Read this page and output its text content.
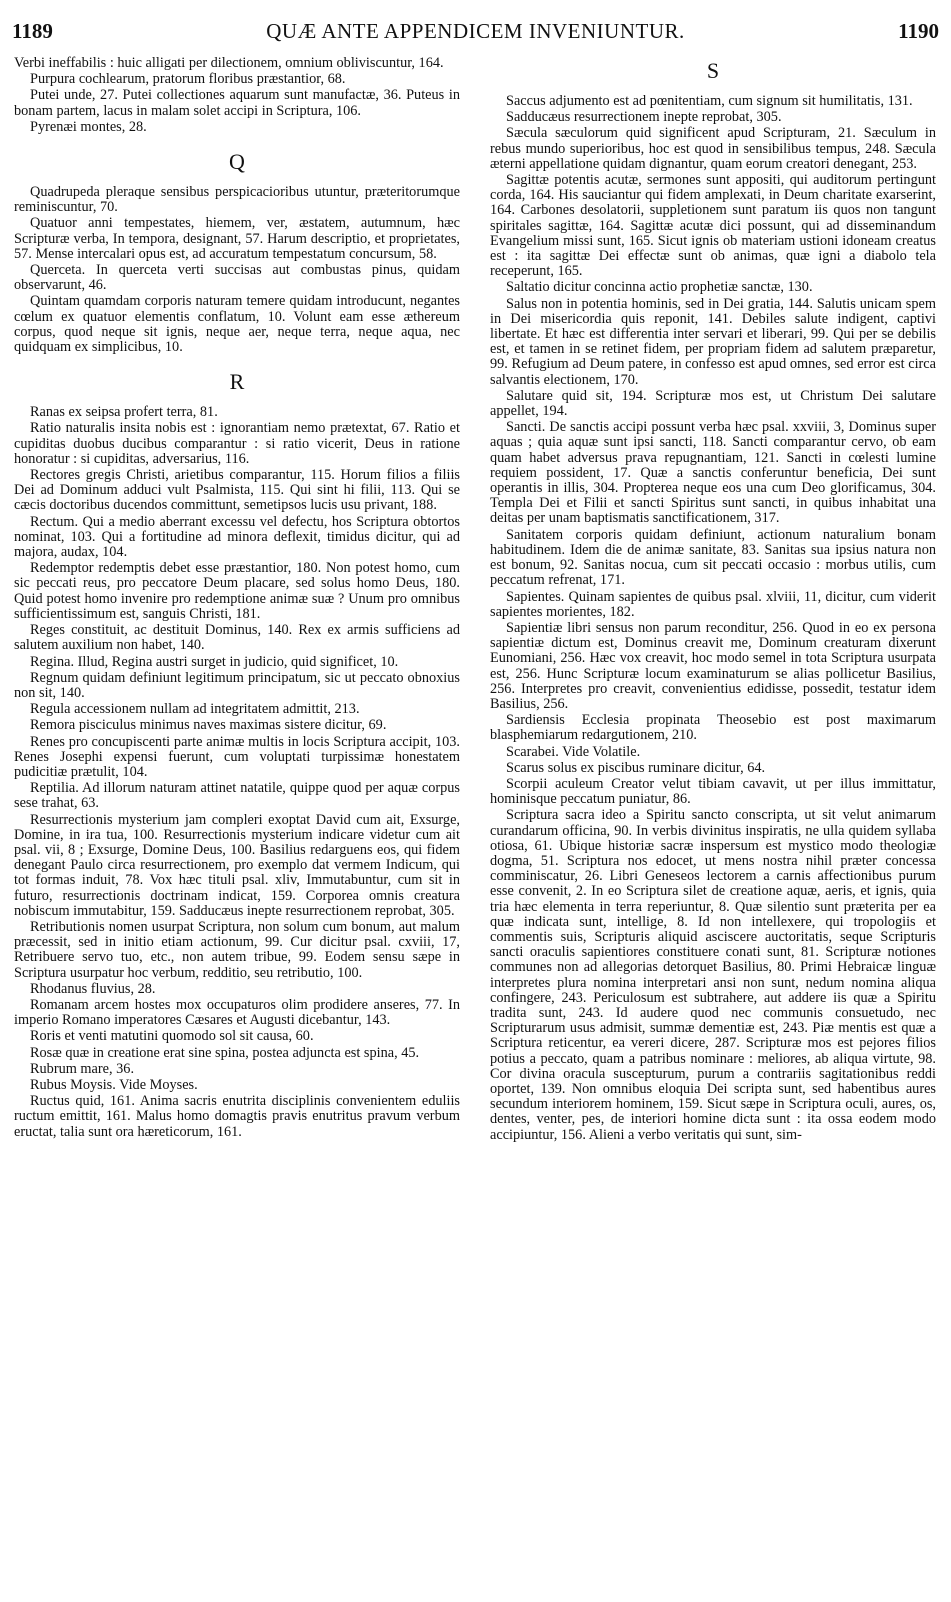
1189	QUÆ ANTE APPENDICEM INVENIUNTUR.	1190
Verbi ineffabilis : huic alligati per dilectionem, omnium obliviscuntur, 164.
Purpura cochlearum, pratorum floribus præstantior, 68.
Putei unde, 27. Putei collectiones aquarum sunt manufactæ, 36. Puteus in bonam partem, lacus in malam solet accipi in Scriptura, 106.
Pyrenæi montes, 28.
Q
Quadrupeda pleraque sensibus perspicacioribus utuntur, præteritorumque reminiscuntur, 70.
Quatuor anni tempestates, hiemem, ver, æstatem, autumnum, hæc Scripturæ verba, In tempora, designant, 57. Harum descriptio, et proprietates, 57. Mense intercalari opus est, ad accuratum tempestatum concursum, 58.
Querceta. In querceta verti succisas aut combustas pinus, quidam observarunt, 46.
Quintam quamdam corporis naturam temere quidam introducunt, negantes cœlum ex quatuor elementis conflatum, 10. Volunt eam esse æthereum corpus, quod neque sit ignis, neque aer, neque terra, neque aqua, nec quidquam ex simplicibus, 10.
R
Ranas ex seipsa profert terra, 81.
Ratio naturalis insita nobis est : ignorantiam nemo prætextat, 67. Ratio et cupiditas duobus ducibus comparantur : si ratio vicerit, Deus in ratione honoratur : si cupiditas, adversarius, 116.
Rectores gregis Christi, arietibus comparantur, 115. Horum filios a filiis Dei ad Dominum adduci vult Psalmista, 115. Qui sint hi filii, 113. Qui se cæcis doctoribus ducendos committunt, semetipsos lucis usu privant, 188.
Rectum. Qui a medio aberrant excessu vel defectu, hos Scriptura obtortos nominat, 103. Qui a fortitudine ad minora deflexit, timidus dicitur, qui ad majora, audax, 104.
Redemptor redemptis debet esse præstantior, 180. Non potest homo, cum sic peccati reus, pro peccatore Deum placare, sed solus homo Deus, 180. Quid potest homo invenire pro redemptione animæ suæ ? Unum pro omnibus sufficientissimum est, sanguis Christi, 181.
Reges constituit, ac destituit Dominus, 140. Rex ex armis sufficiens ad salutem auxilium non habet, 140.
Regina. Illud, Regina austri surget in judicio, quid significet, 10.
Regnum quidam definiunt legitimum principatum, sic ut peccato obnoxius non sit, 140.
Regula accessionem nullam ad integritatem admittit, 213.
Remora pisciculus minimus naves maximas sistere dicitur, 69.
Renes pro concupiscenti parte animæ multis in locis Scriptura accipit, 103. Renes Josephi expensi fuerunt, cum voluptati turpissimæ honestatem pudicitiæ prætulit, 104.
Reptilia. Ad illorum naturam attinet natatile, quippe quod per aquæ corpus sese trahat, 63.
Resurrectionis mysterium jam compleri exoptat David cum ait, Exsurge, Domine, in ira tua, 100. Resurrectionis mysterium indicare videtur cum ait psal. vii, 8 ; Exsurge, Domine Deus, 100. Basilius redarguens eos, qui fidem denegant Paulo circa resurrectionem, pro exemplo dat vermem Indicum, qui tot formas induit, 78. Vox hæc tituli psal. xliv, Immutabuntur, cum sit in futuro, resurrectionis doctrinam indicat, 159. Corporea omnis creatura nobiscum immutabitur, 159. Sadducæus inepte resurrectionem reprobat, 305.
Retributionis nomen usurpat Scriptura, non solum cum bonum, aut malum præcessit, sed in initio etiam actionum, 99. Cur dicitur psal. cxviii, 17, Retribuere servo tuo, etc., non autem tribue, 99. Eodem sensu sæpe in Scriptura usurpatur hoc verbum, redditio, seu retributio, 100.
Rhodanus fluvius, 28.
Romanam arcem hostes mox occupaturos olim prodidere anseres, 77. In imperio Romano imperatores Cæsares et Augusti dicebantur, 143.
Roris et venti matutini quomodo sol sit causa, 60.
Rosæ quæ in creatione erat sine spina, postea adjuncta est spina, 45.
Rubrum mare, 36.
Rubus Moysis. Vide Moyses.
Ructus quid, 161. Anima sacris enutrita disciplinis convenientem eduliis ructum emittit, 161. Malus homo domagtis pravis enutritus pravum verbum eructat, talia sunt ora hæreticorum, 161.
S
Saccus adjumento est ad pœnitentiam, cum signum sit humilitatis, 131.
Sadducæus resurrectionem inepte reprobat, 305.
Sæcula sæculorum quid significent apud Scripturam, 21. Sæculum in rebus mundo superioribus, hoc est quod in sensibilibus tempus, 248. Sæcula æterni appellatione quidam dignantur, quam eorum creatori denegant, 253.
Sagittæ potentis acutæ, sermones sunt appositi, qui auditorum pertingunt corda, 164. His sauciantur qui fidem amplexati, in Deum charitate exarserint, 164. Carbones desolatorii, suppletionem sunt paratum iis quos non tangunt spiritales sagittæ, 164. Sagittæ acutæ dici possunt, qui ad disseminandum Evangelium missi sunt, 165. Sicut ignis ob materiam ustioni idoneam creatus est : ita sagittæ Dei effectæ sunt ob animas, quæ igni a diabolo tela receperunt, 165.
Saltatio dicitur concinna actio prophetiæ sanctæ, 130.
Salus non in potentia hominis, sed in Dei gratia, 144. Salutis unicam spem in Dei misericordia quis reponit, 141. Debiles salute indigent, captivi libertate. Et hæc est differentia inter servari et liberari, 99. Qui per se debilis est, et tamen in se retinet fidem, per propriam fidem ad salutem præparetur, 99. Refugium ad Deum patere, in confesso est apud omnes, sed error est circa salvantis electionem, 170.
Salutare quid sit, 194. Scripturæ mos est, ut Christum Dei salutare appellet, 194.
Sancti. De sanctis accipi possunt verba hæc psal. xxviii, 3, Dominus super aquas ; quia aquæ sunt ipsi sancti, 118. Sancti comparantur cervo, ob eam quam habet adversus prava repugnantiam, 121. Sancti in cœlesti lumine requiem possident, 17. Quæ a sanctis conferuntur beneficia, Dei sunt operantis in illis, 304. Propterea neque eos una cum Deo glorificamus, 304. Templa Dei et Filii et sancti Spiritus sunt sancti, in quibus inhabitat una deitas per unam baptismatis sanctificationem, 317.
Sanitatem corporis quidam definiunt, actionum naturalium bonam habitudinem. Idem die de animæ sanitate, 83. Sanitas sua ipsius natura non est bonum, 92. Sanitas nocua, cum sit peccati occasio : morbus utilis, cum peccatum refrenat, 171.
Sapientes. Quinam sapientes de quibus psal. xlviii, 11, dicitur, cum viderit sapientes morientes, 182.
Sapientiæ libri sensus non parum reconditur, 256. Quod in eo ex persona sapientiæ dictum est, Dominus creavit me, Dominum creaturam dixerunt Eunomiani, 256. Hæc vox creavit, hoc modo semel in tota Scriptura usurpata est, 256. Hunc Scripturæ locum examinaturum se alias pollicetur Basilius, 256. Interpretes pro creavit, convenientius edidisse, possedit, testatur idem Basilius, 256.
Sardiensis Ecclesia propinata Theosebio est post maximarum blasphemiarum redargutionem, 210.
Scarabei. Vide Volatile.
Scarus solus ex piscibus ruminare dicitur, 64.
Scorpii aculeum Creator velut tibiam cavavit, ut per illus immittatur, hominisque peccatum puniatur, 86.
Scriptura sacra ideo a Spiritu sancto conscripta, ut sit velut animarum curandarum officina, 90. In verbis divinitus inspiratis, ne ulla quidem syllaba otiosa, 61. Ubique historiæ sacræ inspersum est mystico modo theologiæ dogma, 51. Scriptura nos edocet, ut mens nostra nihil præter concessa comminiscatur, 26. Libri Geneseos lectorem a carnis affectionibus purum esse convenit, 2. In eo Scriptura silet de creatione aquæ, aeris, et ignis, quia tria hæc elementa in terra reperiuntur, 8. Quæ silentio sunt præterita per ea quæ indicata sunt, intellige, 8. Id non intellexere, qui tropologiis et commentis suis, Scripturis aliquid asciscere auctoritatis, seque Scripturis sancti oraculis sapientiores constituere conati sunt, 81. Scripturæ notiones communes non ad allegorias detorquet Basilius, 80. Primi Hebraicæ linguæ interpretes plura nomina interpretari ansi non sunt, nedum nomina aliqua confingere, 243. Periculosum est subtrahere, aut addere iis quæ a Spiritu tradita sunt, 243. Id audere quod nec communis consuetudo, nec Scripturarum usus admisit, summæ dementiæ est, 243. Piæ mentis est quæ a Scriptura reticentur, ea vereri dicere, 287. Scripturæ mos est pejores filios potius a peccato, quam a patribus nominare : meliores, ab aliqua virtute, 98. Cor divina oracula suscepturum, purum a contrariis sagitationibus reddi oportet, 139. Non omnibus eloquia Dei scripta sunt, sed habentibus aures secundum interiorem hominem, 159. Sicut sæpe in Scriptura oculi, aures, os, dentes, venter, pes, de interiori homine dicta sunt : ita ossa eodem modo accipiuntur, 156. Alieni a verbo veritatis qui sunt, sim-
